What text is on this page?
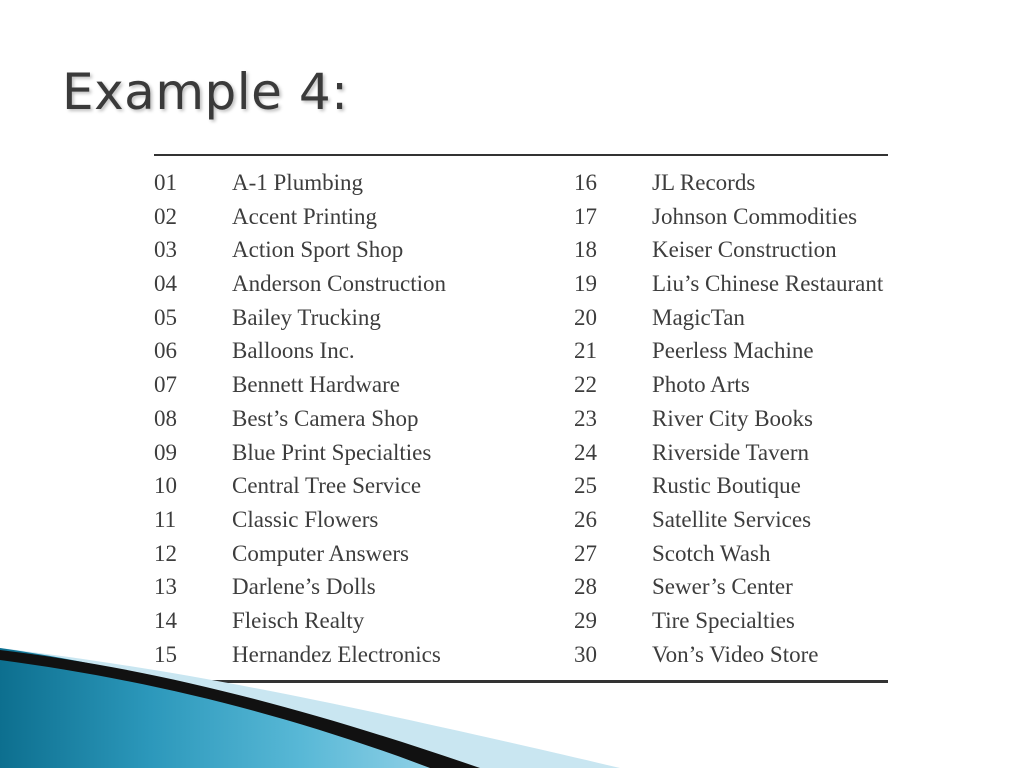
Example 4:
01 A-1 Plumbing
02 Accent Printing
03 Action Sport Shop
04 Anderson Construction
05 Bailey Trucking
06 Balloons Inc.
07 Bennett Hardware
08 Best’s Camera Shop
09 Blue Print Specialties
10 Central Tree Service
11 Classic Flowers
12 Computer Answers
13 Darlene’s Dolls
14 Fleisch Realty
15 Hernandez Electronics
16 JL Records
17 Johnson Commodities
18 Keiser Construction
19 Liu’s Chinese Restaurant
20 MagicTan
21 Peerless Machine
22 Photo Arts
23 River City Books
24 Riverside Tavern
25 Rustic Boutique
26 Satellite Services
27 Scotch Wash
28 Sewer’s Center
29 Tire Specialties
30 Von’s Video Store
